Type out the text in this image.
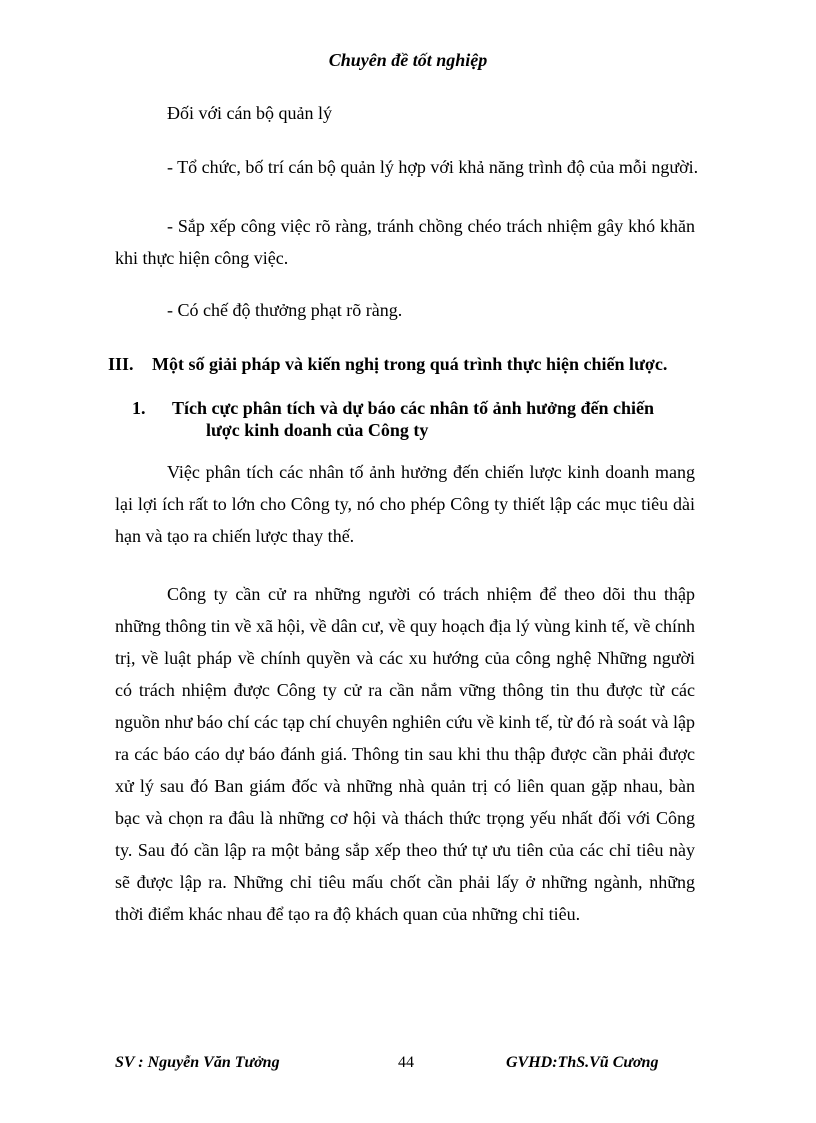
Chuyên đề tốt nghiệp
Đối với cán bộ quản lý
- Tổ chức, bố trí cán bộ quản lý hợp với khả năng trình độ của mỗi người.
- Sắp xếp công việc rõ ràng, tránh chồng chéo trách nhiệm gây khó khăn khi thực hiện công việc.
- Có chế độ thưởng phạt rõ ràng.
III. Một số giải pháp và kiến nghị trong quá trình thực hiện chiến lược.
1. Tích cực phân tích và dự báo các nhân tố ảnh hưởng đến chiến
lược kinh doanh của Công ty
Việc phân tích các nhân tố ảnh hưởng đến chiến lược kinh doanh mang lại lợi ích rất to lớn cho Công ty, nó cho phép Công ty thiết lập các mục tiêu dài hạn và tạo ra chiến lược thay thế.
Công ty cần cử ra những người có trách nhiệm để theo dõi thu thập những thông tin về xã hội, về dân cư, về quy hoạch địa lý vùng kinh tế, về chính trị, về luật pháp về chính quyền và các xu hướng của công nghệ Những người có trách nhiệm được Công ty cử ra cần nắm vững thông tin thu được từ các nguồn như báo chí các tạp chí chuyên nghiên cứu về kinh tế, từ đó rà soát và lập ra các báo cáo dự báo đánh giá. Thông tin sau khi thu thập được cần phải được xử lý sau đó Ban giám đốc và những nhà quản trị có liên quan gặp nhau, bàn bạc và chọn ra đâu là những cơ hội và thách thức trọng yếu nhất đối với Công ty. Sau đó cần lập ra một bảng sắp xếp theo thứ tự ưu tiên của các chỉ tiêu này sẽ được lập ra. Những chỉ tiêu mấu chốt cần phải lấy ở những ngành, những thời điểm khác nhau để tạo ra độ khách quan của những chỉ tiêu.
SV : Nguyễn Văn Tưởng	44	GVHD:ThS.Vũ Cương
